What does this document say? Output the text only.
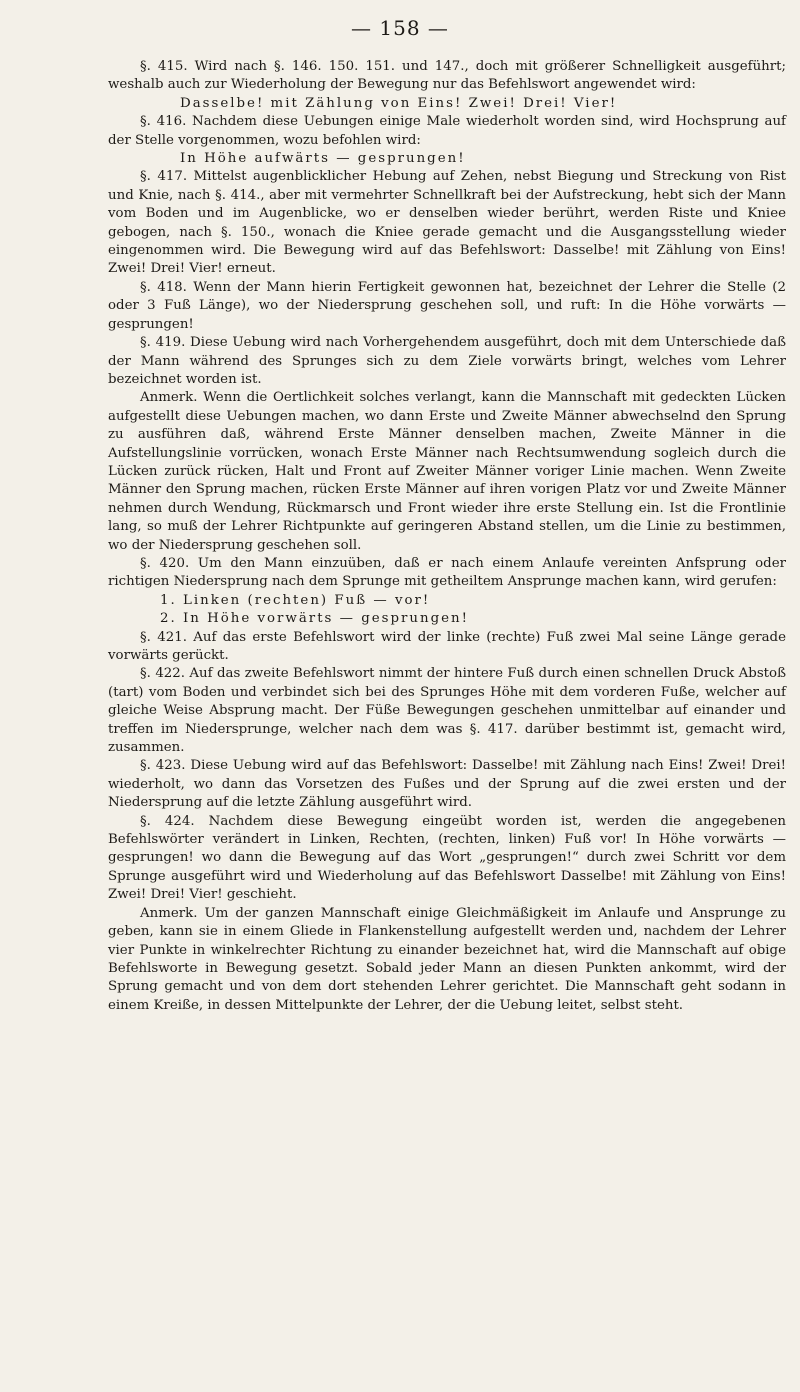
— 158 —

§. 415. Wird nach §. 146. 150. 151. und 147., doch mit größerer Schnelligkeit ausgeführt; weshalb auch zur Wiederholung der Bewegung nur das Befehlswort angewendet wird:

Dasselbe! mit Zählung von Eins! Zwei! Drei! Vier!

§. 416. Nachdem diese Uebungen einige Male wiederholt worden sind, wird Hochsprung auf der Stelle vorgenommen, wozu befohlen wird:

In Höhe aufwärts — gesprungen!

§. 417. Mittelst augenblicklicher Hebung auf Zehen, nebst Biegung und Streckung von Rist und Knie, nach §. 414., aber mit vermehrter Schnellkraft bei der Aufstreckung, hebt sich der Mann vom Boden und im Augenblicke, wo er denselben wieder berührt, werden Riste und Kniee gebogen, nach §. 150., wonach die Kniee gerade gemacht und die Ausgangsstellung wieder eingenommen wird. Die Bewegung wird auf das Befehlswort: Dasselbe! mit Zählung von Eins! Zwei! Drei! Vier! erneut.

§. 418. Wenn der Mann hierin Fertigkeit gewonnen hat, bezeichnet der Lehrer die Stelle (2 oder 3 Fuß Länge), wo der Niedersprung geschehen soll, und ruft: In die Höhe vorwärts — gesprungen!

§. 419. Diese Uebung wird nach Vorhergehendem ausgeführt, doch mit dem Unterschiede daß der Mann während des Sprunges sich zu dem Ziele vorwärts bringt, welches vom Lehrer bezeichnet worden ist.

Anmerk. Wenn die Oertlichkeit solches verlangt, kann die Mannschaft mit gedeckten Lücken aufgestellt diese Uebungen machen, wo dann Erste und Zweite Männer abwechselnd den Sprung zu ausführen daß, während Erste Männer denselben machen, Zweite Männer in die Aufstellungslinie vorrücken, wonach Erste Männer nach Rechtsumwendung sogleich durch die Lücken zurück rücken, Halt und Front auf Zweiter Männer voriger Linie machen. Wenn Zweite Männer den Sprung machen, rücken Erste Männer auf ihren vorigen Platz vor und Zweite Männer nehmen durch Wendung, Rückmarsch und Front wieder ihre erste Stellung ein. Ist die Frontlinie lang, so muß der Lehrer Richtpunkte auf geringeren Abstand stellen, um die Linie zu bestimmen, wo der Niedersprung geschehen soll.

§. 420. Um den Mann einzuüben, daß er nach einem Anlaufe vereinten Anfsprung oder richtigen Niedersprung nach dem Sprunge mit getheiltem Ansprunge machen kann, wird gerufen:

1. Linken (rechten) Fuß — vor!

2. In Höhe vorwärts — gesprungen!

§. 421. Auf das erste Befehlswort wird der linke (rechte) Fuß zwei Mal seine Länge gerade vorwärts gerückt.

§. 422. Auf das zweite Befehlswort nimmt der hintere Fuß durch einen schnellen Druck Abstoß (tart) vom Boden und verbindet sich bei des Sprunges Höhe mit dem vorderen Fuße, welcher auf gleiche Weise Absprung macht. Der Füße Bewegungen geschehen unmittelbar auf einander und treffen im Niedersprunge, welcher nach dem was §. 417. darüber bestimmt ist, gemacht wird, zusammen.

§. 423. Diese Uebung wird auf das Befehlswort: Dasselbe! mit Zählung nach Eins! Zwei! Drei! wiederholt, wo dann das Vorsetzen des Fußes und der Sprung auf die zwei ersten und der Niedersprung auf die letzte Zählung ausgeführt wird.

§. 424. Nachdem diese Bewegung eingeübt worden ist, werden die angegebenen Befehlswörter verändert in Linken, Rechten, (rechten, linken) Fuß vor! In Höhe vorwärts — gesprungen! wo dann die Bewegung auf das Wort „gesprungen!“ durch zwei Schritt vor dem Sprunge ausgeführt wird und Wiederholung auf das Befehlswort Dasselbe! mit Zählung von Eins! Zwei! Drei! Vier! geschieht.

Anmerk. Um der ganzen Mannschaft einige Gleichmäßigkeit im Anlaufe und Ansprunge zu geben, kann sie in einem Gliede in Flankenstellung aufgestellt werden und, nachdem der Lehrer vier Punkte in winkelrechter Richtung zu einander bezeichnet hat, wird die Mannschaft auf obige Befehlsworte in Bewegung gesetzt. Sobald jeder Mann an diesen Punkten ankommt, wird der Sprung gemacht und von dem dort stehenden Lehrer gerichtet. Die Mannschaft geht sodann in einem Kreiße, in dessen Mittelpunkte der Lehrer, der die Uebung leitet, selbst steht.
